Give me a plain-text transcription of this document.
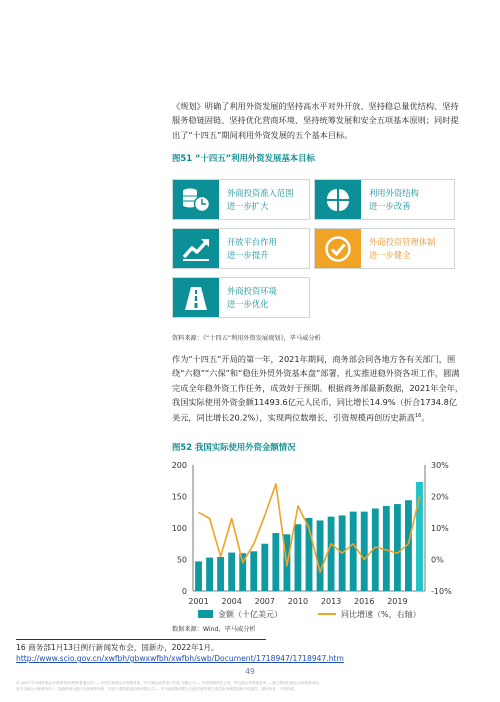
《规划》明确了利用外资发展的坚持高水平对外开放、坚持稳总量优结构、坚持服务稳链固链、坚持优化营商环境、坚持统筹发展和安全五项基本原则；同时提出了“十四五”期间利用外资发展的五个基本目标。
图51 “十四五”利用外资发展基本目标
外商投资准入范围
进一步扩大
利用外资结构
进一步改善
开放平台作用
进一步提升
外商投资管理体制
进一步健全
外商投资环境
进一步优化
资料来源：《“十四五”利用外资发展规划》，毕马威分析
作为“十四五”开局的第一年，2021年期间，商务部会同各地方各有关部门，围绕“六稳”“六保”和“稳住外贸外资基本盘”部署，扎实推进稳外资各项工作，圆满完成全年稳外资工作任务，成效好于预期。根据商务部最新数据，2021年全年，我国实际使用外资金额11493.6亿元人民币，同比增长14.9%（折合1734.8亿美元，同比增长20.2%），实现两位数增长，引资规模再创历史新高$^{16}$。
图52 我国实际使用外资金额情况
0
50
100
150
200
-10%
0%
10%
20%
30%
2001 2004 2007 2010 2013 2016 2019
金额（十亿美元）	同比增速（%，右轴）
数据来源：Wind，毕马威分析
16 商务部1月13日例行新闻发布会，国新办，2022年1月。
http://www.scio.gov.cn/xwfbh/gbwxwfbh/xwfbh/swb/Document/1718947/1718947.htm
49
© 2022 毕马威华振会计师事务所(特殊普通合伙) — 中国合伙制会计师事务所，毕马威企业咨询 (中国) 有限公司 — 中国有限责任公司，毕马威会计师事务所 — 澳门特别行政区合伙制事务所，
及毕马威会计师事务所 — 香港特别行政区合伙制事务所，均是与英国私营担保有限公司 — 毕马威国际有限公司相关联的独立成员所全球性组织中的成员。版权所有，不得转载。
